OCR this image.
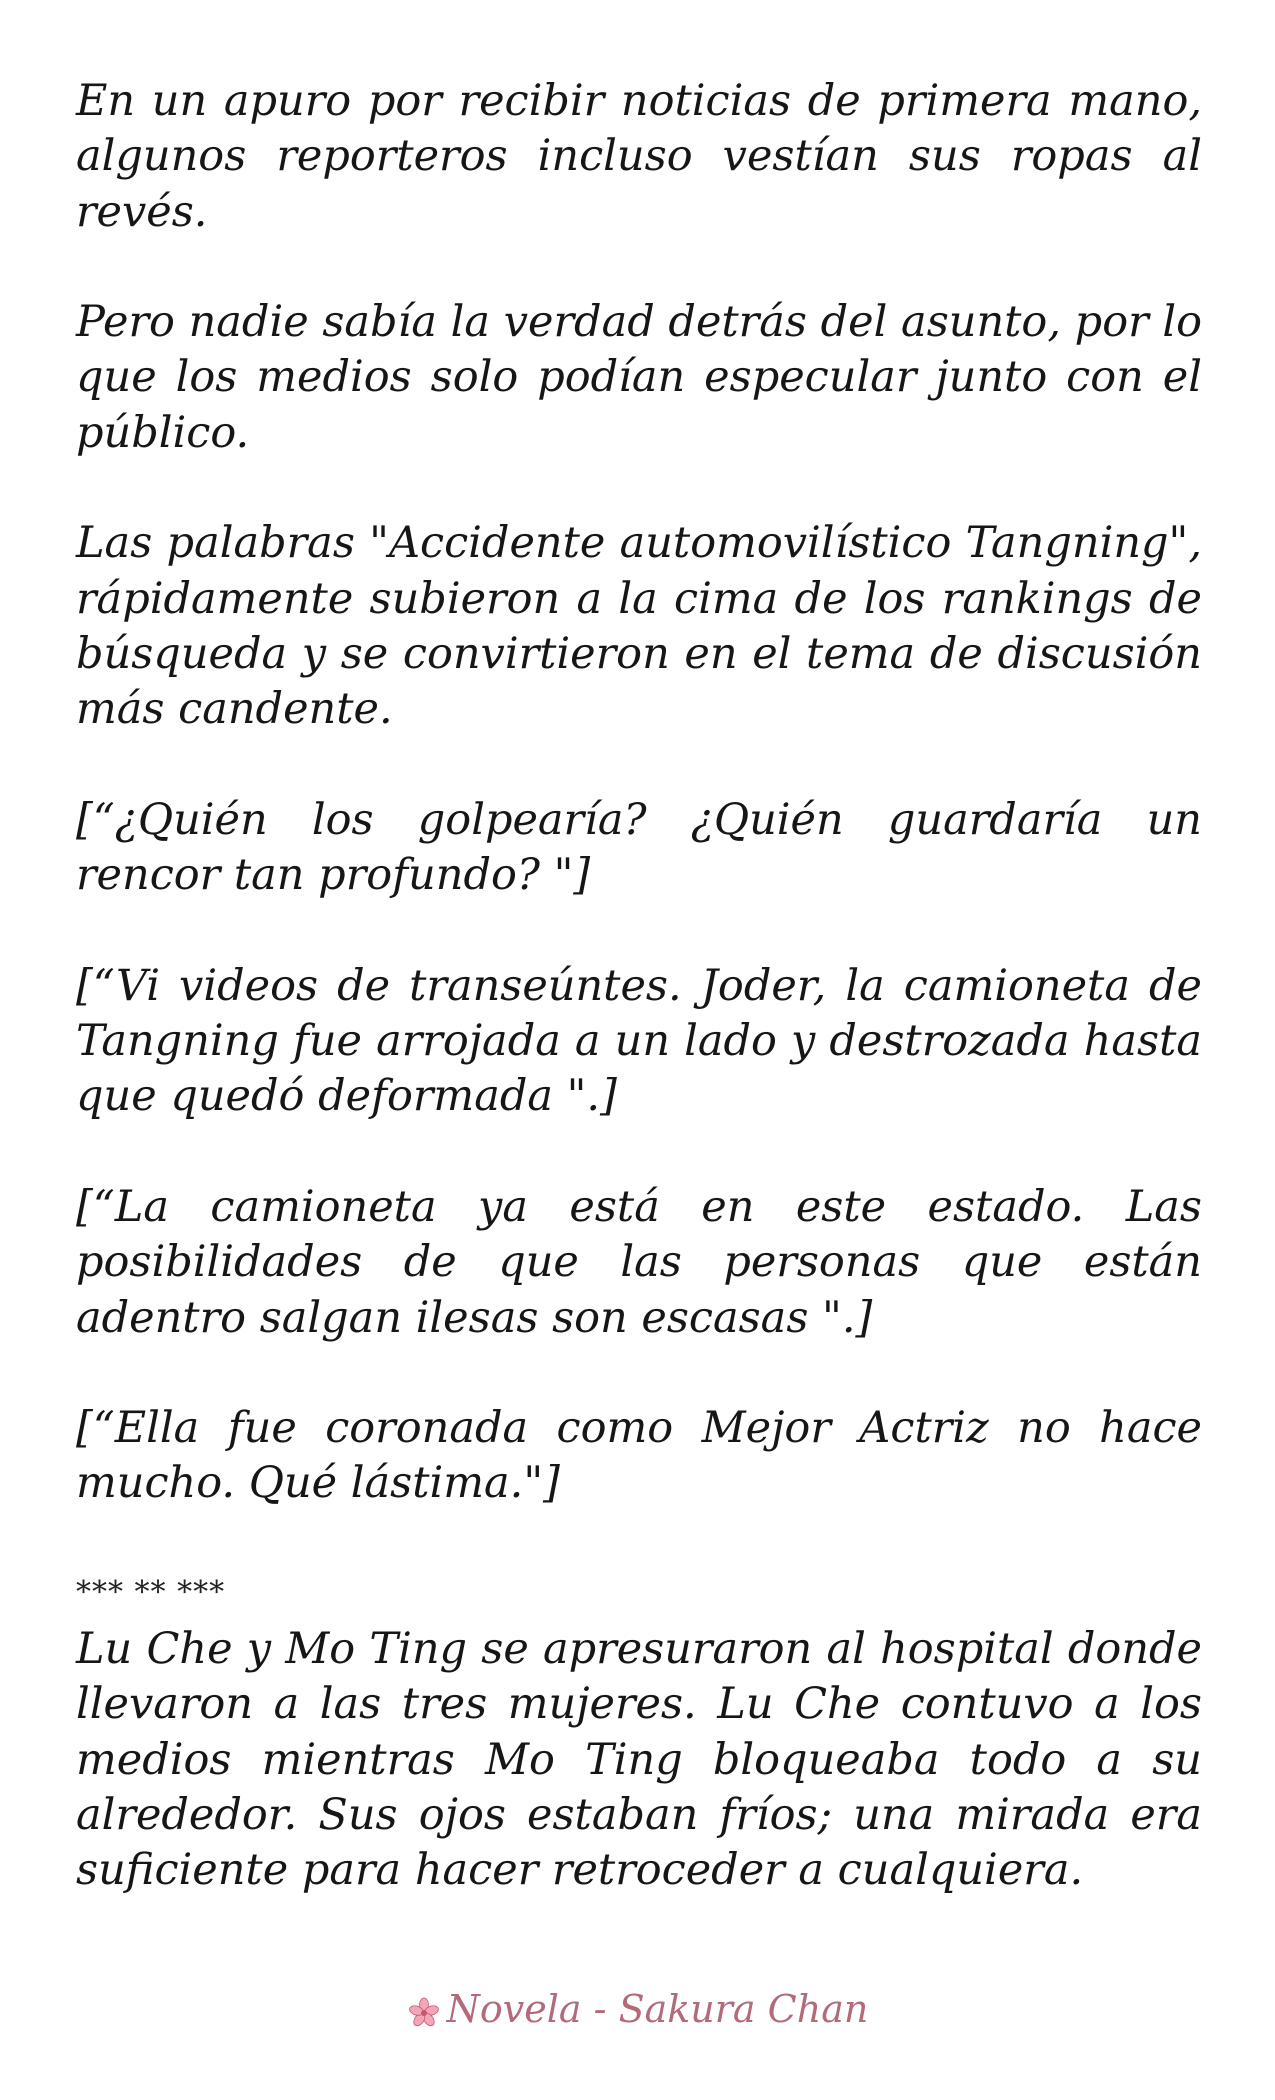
En un apuro por recibir noticias de primera mano, algunos reporteros incluso vestían sus ropas al revés.

Pero nadie sabía la verdad detrás del asunto, por lo que los medios solo podían especular junto con el público.

Las palabras "Accidente automovilístico Tangning", rápidamente subieron a la cima de los rankings de búsqueda y se convirtieron en el tema de discusión más candente.

[“¿Quién los golpearía? ¿Quién guardaría un rencor tan profundo? "]

[“Vi videos de transeúntes. Joder, la camioneta de Tangning fue arrojada a un lado y destrozada hasta que quedó deformada ".]

[“La camioneta ya está en este estado. Las posibilidades de que las personas que están adentro salgan ilesas son escasas ".]

[“Ella fue coronada como Mejor Actriz no hace mucho. Qué lástima."]

*** ** ***

Lu Che y Mo Ting se apresuraron al hospital donde llevaron a las tres mujeres. Lu Che contuvo a los medios mientras Mo Ting bloqueaba todo a su alrededor. Sus ojos estaban fríos; una mirada era suficiente para hacer retroceder a cualquiera.

Novela - Sakura Chan
